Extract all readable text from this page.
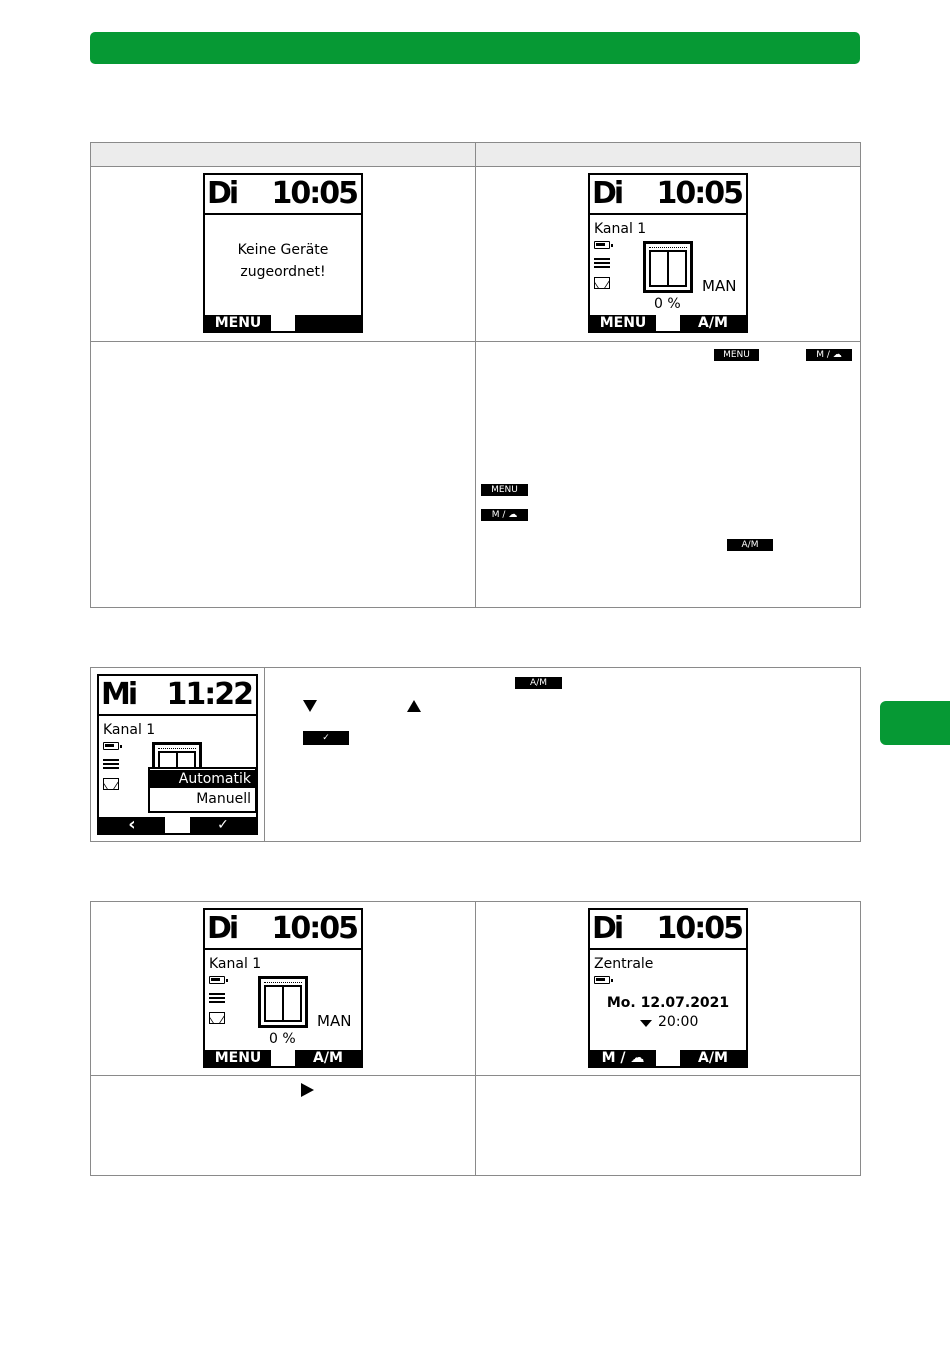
Di 10:05
Keine Geräte
zugeordnet!
MENU
Di 10:05
Kanal 1
MAN
0 %
MENU	A/M
MENU	M / ☁
MENU
M / ☁
A/M
Mi 11:22
Kanal 1
Automatik
Manuell
‹	✓
A/M
✓
Di 10:05
Kanal 1
MAN
0 %
MENU	A/M
Di 10:05
Zentrale
Mo. 12.07.2021
20:00
M / ☁	A/M
